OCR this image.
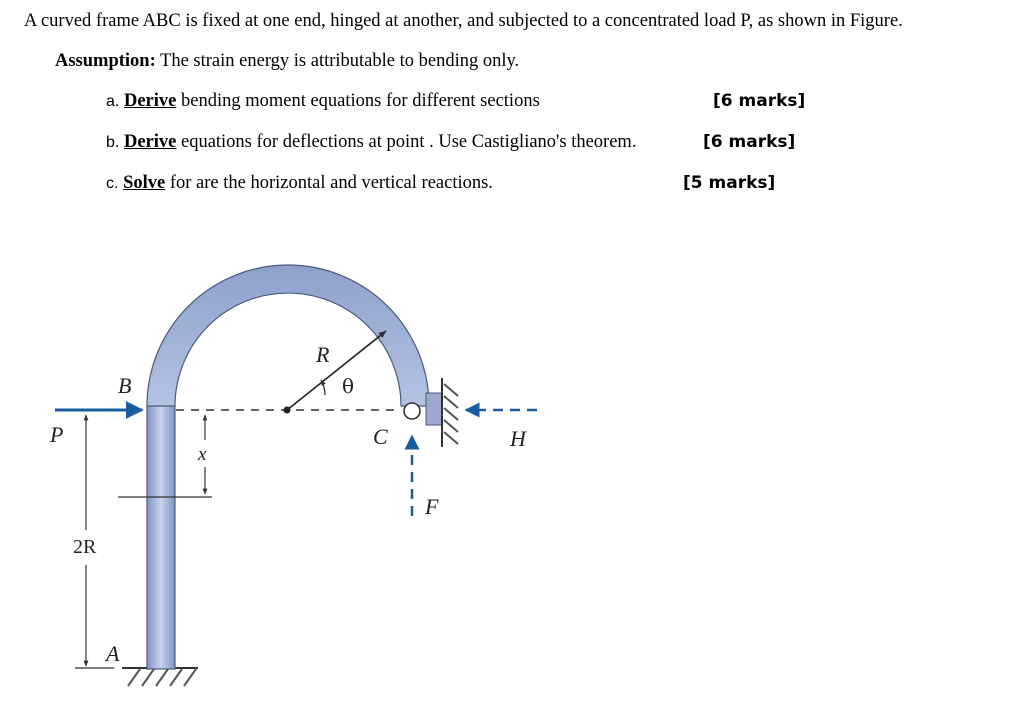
A curved frame ABC is fixed at one end, hinged at another, and subjected to a concentrated load P, as shown in Figure.
Assumption: The strain energy is attributable to bending only.
a. Derive bending moment equations for different sections	[6 marks]
b. Derive equations for deflections at point . Use Castigliano's theorem.	[6 marks]
c. Solve for are the horizontal and vertical reactions.	[5 marks]
P
B
R
θ
C	H
x
F
2R
A
